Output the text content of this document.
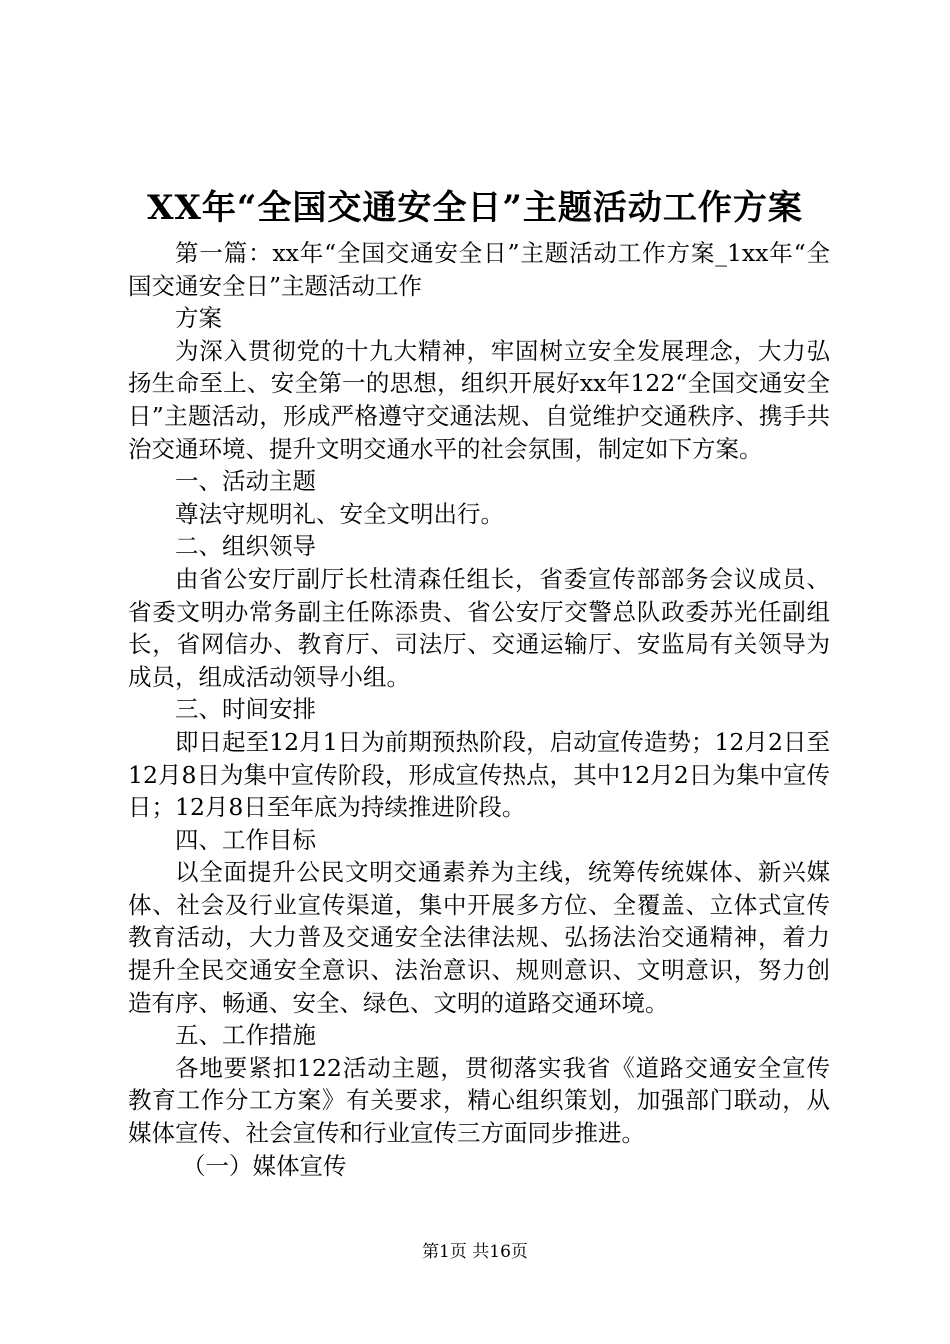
XX年“全国交通安全日”主题活动工作方案

第一篇：xx年“全国交通安全日”主题活动工作方案_1xx年“全国交通安全日”主题活动工作

方案

为深入贯彻党的十九大精神，牢固树立安全发展理念，大力弘扬生命至上、安全第一的思想，组织开展好xx年122“全国交通安全日”主题活动，形成严格遵守交通法规、自觉维护交通秩序、携手共治交通环境、提升文明交通水平的社会氛围，制定如下方案。

一、活动主题

尊法守规明礼、安全文明出行。

二、组织领导

由省公安厅副厅长杜清森任组长，省委宣传部部务会议成员、省委文明办常务副主任陈添贵、省公安厅交警总队政委苏光任副组长，省网信办、教育厅、司法厅、交通运输厅、安监局有关领导为成员，组成活动领导小组。

三、时间安排

即日起至12月1日为前期预热阶段，启动宣传造势；12月2日至12月8日为集中宣传阶段，形成宣传热点，其中12月2日为集中宣传日；12月8日至年底为持续推进阶段。

四、工作目标

以全面提升公民文明交通素养为主线，统筹传统媒体、新兴媒体、社会及行业宣传渠道，集中开展多方位、全覆盖、立体式宣传教育活动，大力普及交通安全法律法规、弘扬法治交通精神，着力提升全民交通安全意识、法治意识、规则意识、文明意识，努力创造有序、畅通、安全、绿色、文明的道路交通环境。

五、工作措施

各地要紧扣122活动主题，贯彻落实我省《道路交通安全宣传教育工作分工方案》有关要求，精心组织策划，加强部门联动，从媒体宣传、社会宣传和行业宣传三方面同步推进。

（一）媒体宣传

第1页 共16页
